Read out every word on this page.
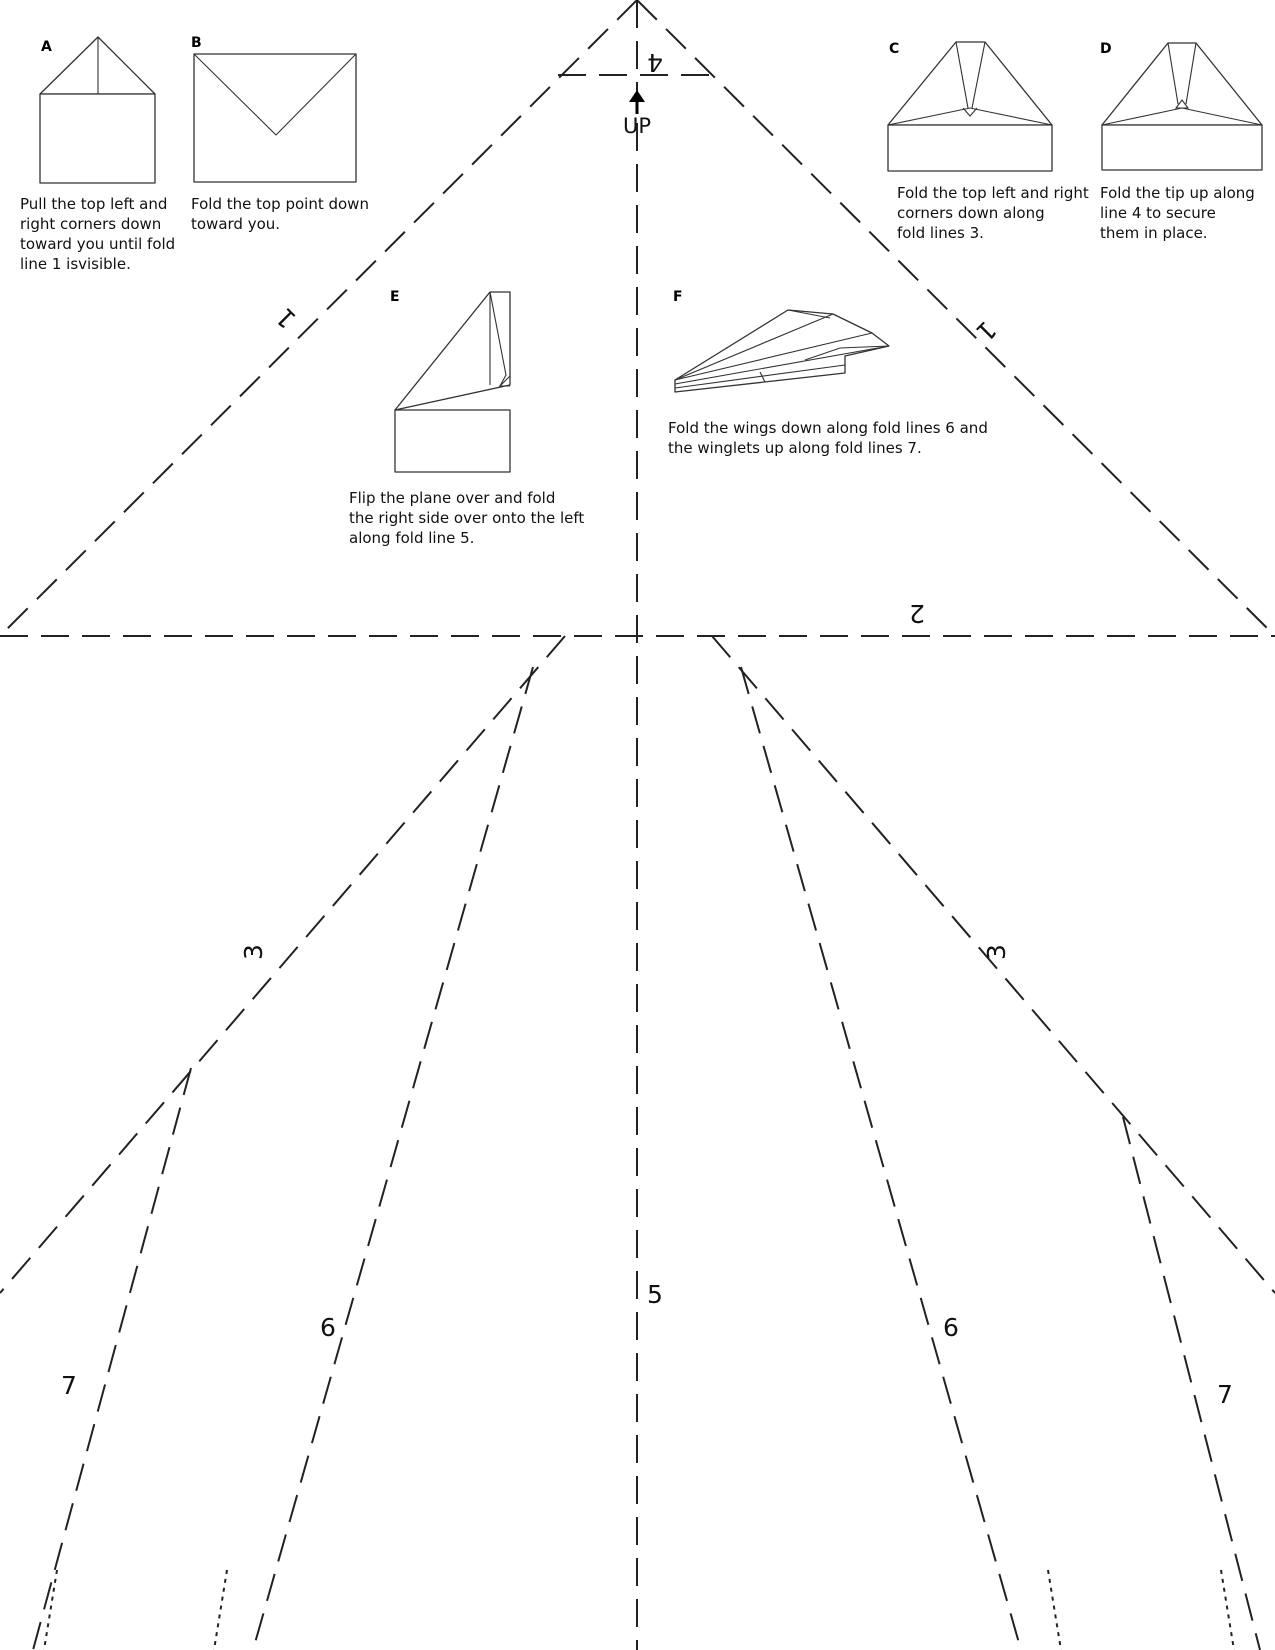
1	1
2
4
3	3
5
6	6
7	7
UP
A	B	C	D
E	F

Pull the top left and
right corners down
toward you until fold
line 1 isvisible.

Fold the top point down
toward you.

Fold the top left and right
corners down along
fold lines 3.

Fold the tip up along
line 4 to secure
them in place.

Flip the plane over and fold
the right side over onto the left
along fold line 5.

Fold the wings down along fold lines 6 and
the winglets up along fold lines 7.
